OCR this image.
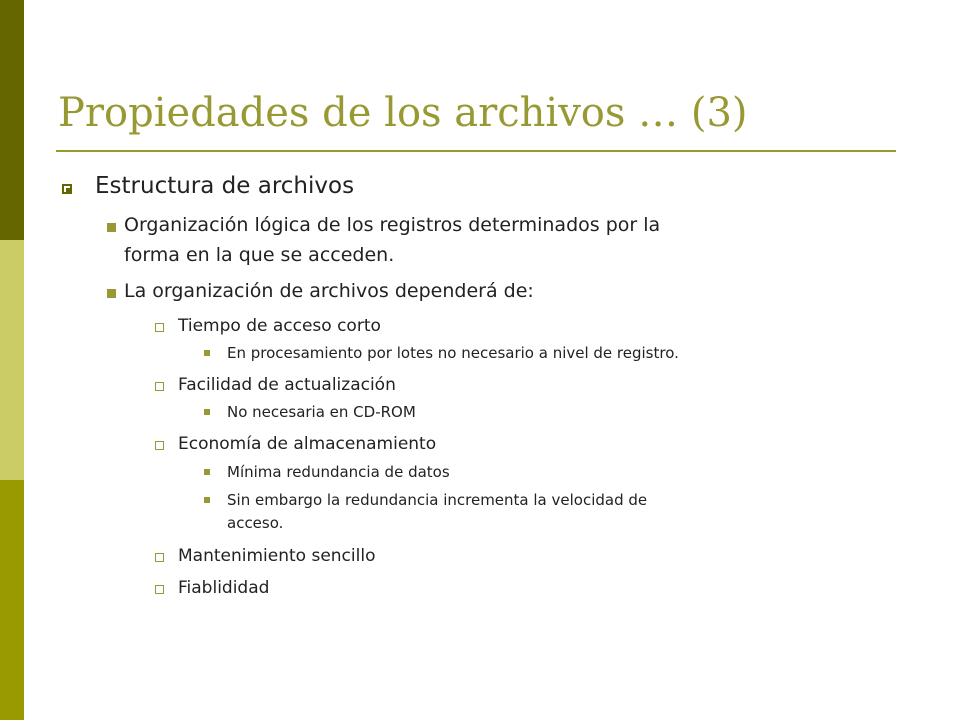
Propiedades de los archivos … (3)
Estructura de archivos
Organización lógica de los registros determinados por la
forma en la que se acceden.
La organización de archivos dependerá de:
Tiempo de acceso corto
En procesamiento por lotes no necesario a nivel de registro.
Facilidad de actualización
No necesaria en CD-ROM
Economía de almacenamiento
Mínima redundancia de datos
Sin embargo la redundancia incrementa la velocidad de
acceso.
Mantenimiento sencillo
Fiablididad
